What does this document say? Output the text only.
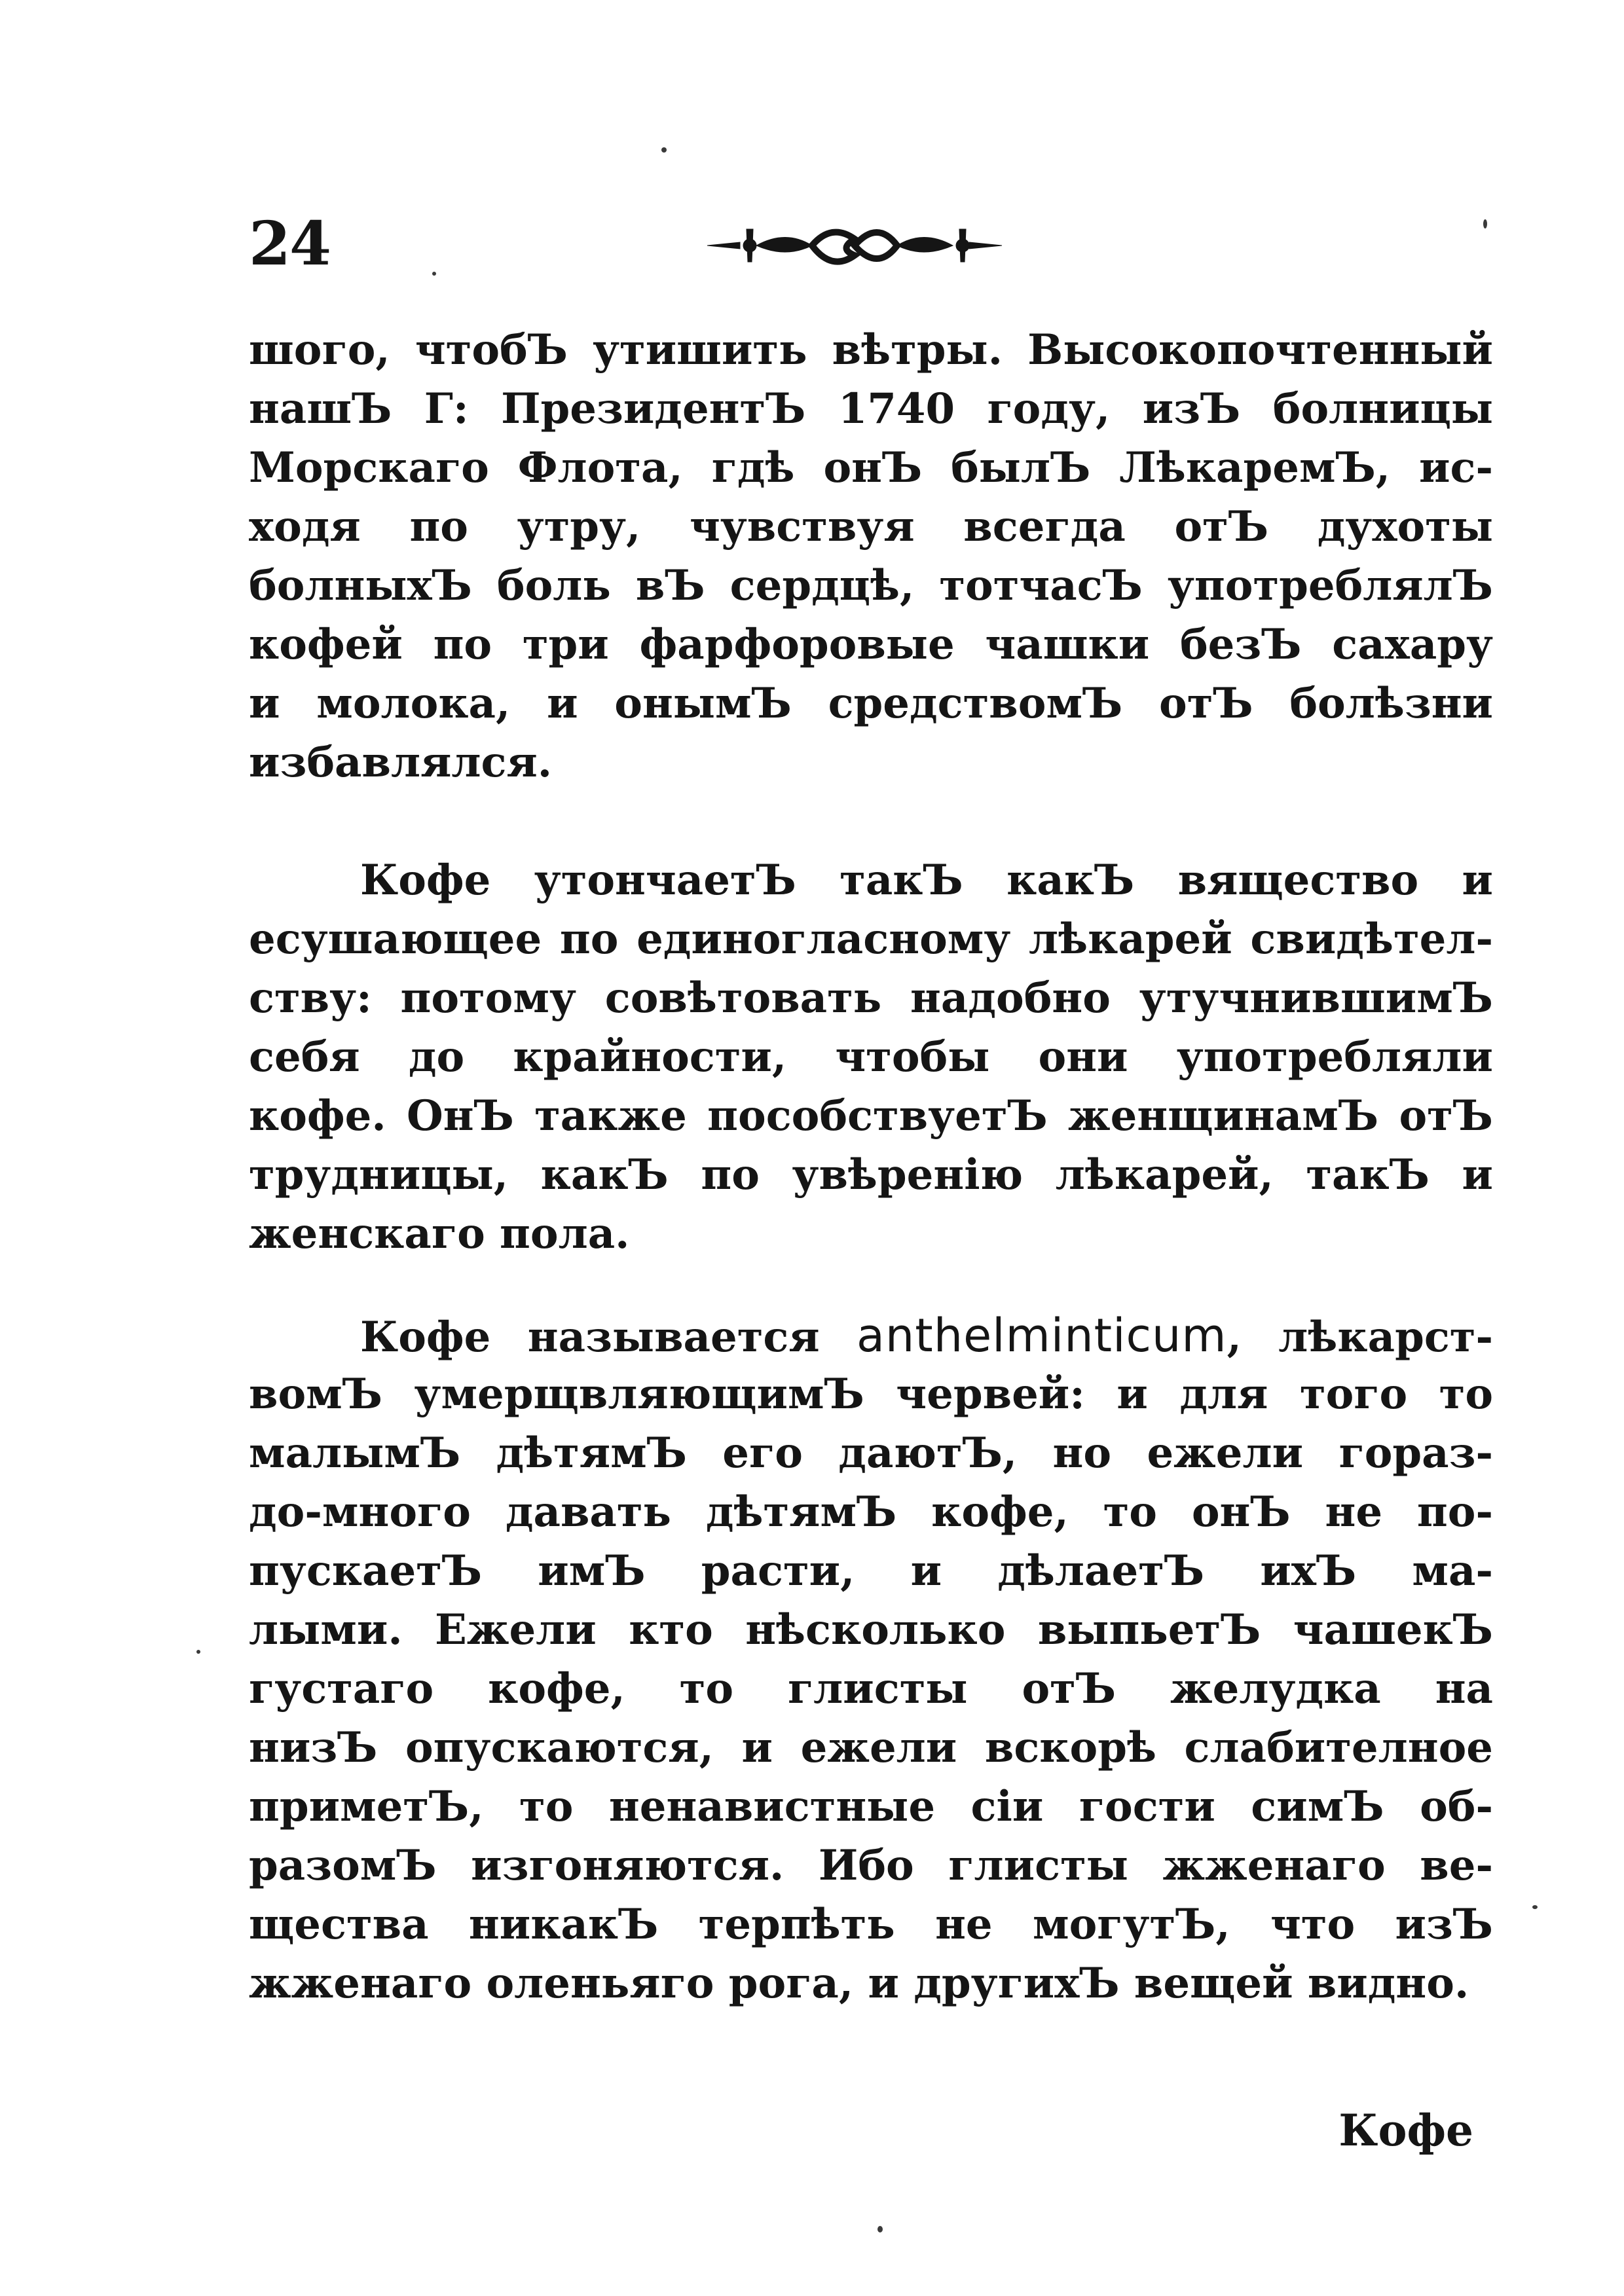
24
шого, чтобЪ утишить вѣтры. Высокопочтенный
нашЪ Г: ПрезидентЪ 1740 году, изЪ болницы
Морскаго Флота, гдѣ онЪ былЪ ЛѣкаремЪ, ис-
ходя по утру, чувствуя всегда отЪ духоты
болныхЪ боль вЪ сердцѣ, тотчасЪ употреблялЪ
кофей по три фарфоровые чашки безЪ сахару
и молока, и онымЪ средствомЪ отЪ болѣзни
избавлялся.
Кофе утончаетЪ такЪ какЪ вящество и
есушающее по единогласному лѣкарей свидѣтел-
ству: потому совѣтовать надобно утучнившимЪ
себя до крайности, чтобы они употребляли
кофе. ОнЪ также пособствуетЪ женщинамЪ отЪ
трудницы, какЪ по увѣренію лѣкарей, такЪ и
женскаго пола.
Кофе называется anthelminticum, лѣкарст-
вомЪ умерщвляющимЪ червей: и для того то
малымЪ дѣтямЪ его даютЪ, но ежели гораз-
до-много давать дѣтямЪ кофе, то онЪ не по-
пускаетЪ имЪ расти, и дѣлаетЪ ихЪ ма-
лыми. Ежели кто нѣсколько выпьетЪ чашекЪ
густаго кофе, то глисты отЪ желудка на
низЪ опускаются, и ежели вскорѣ слабителное
приметЪ, то ненавистные сіи гости симЪ об-
разомЪ изгоняются. Ибо глисты жженаго ве-
щества никакЪ терпѣть не могутЪ, что изЪ
жженаго оленьяго рога, и другихЪ вещей видно.
Кофе
